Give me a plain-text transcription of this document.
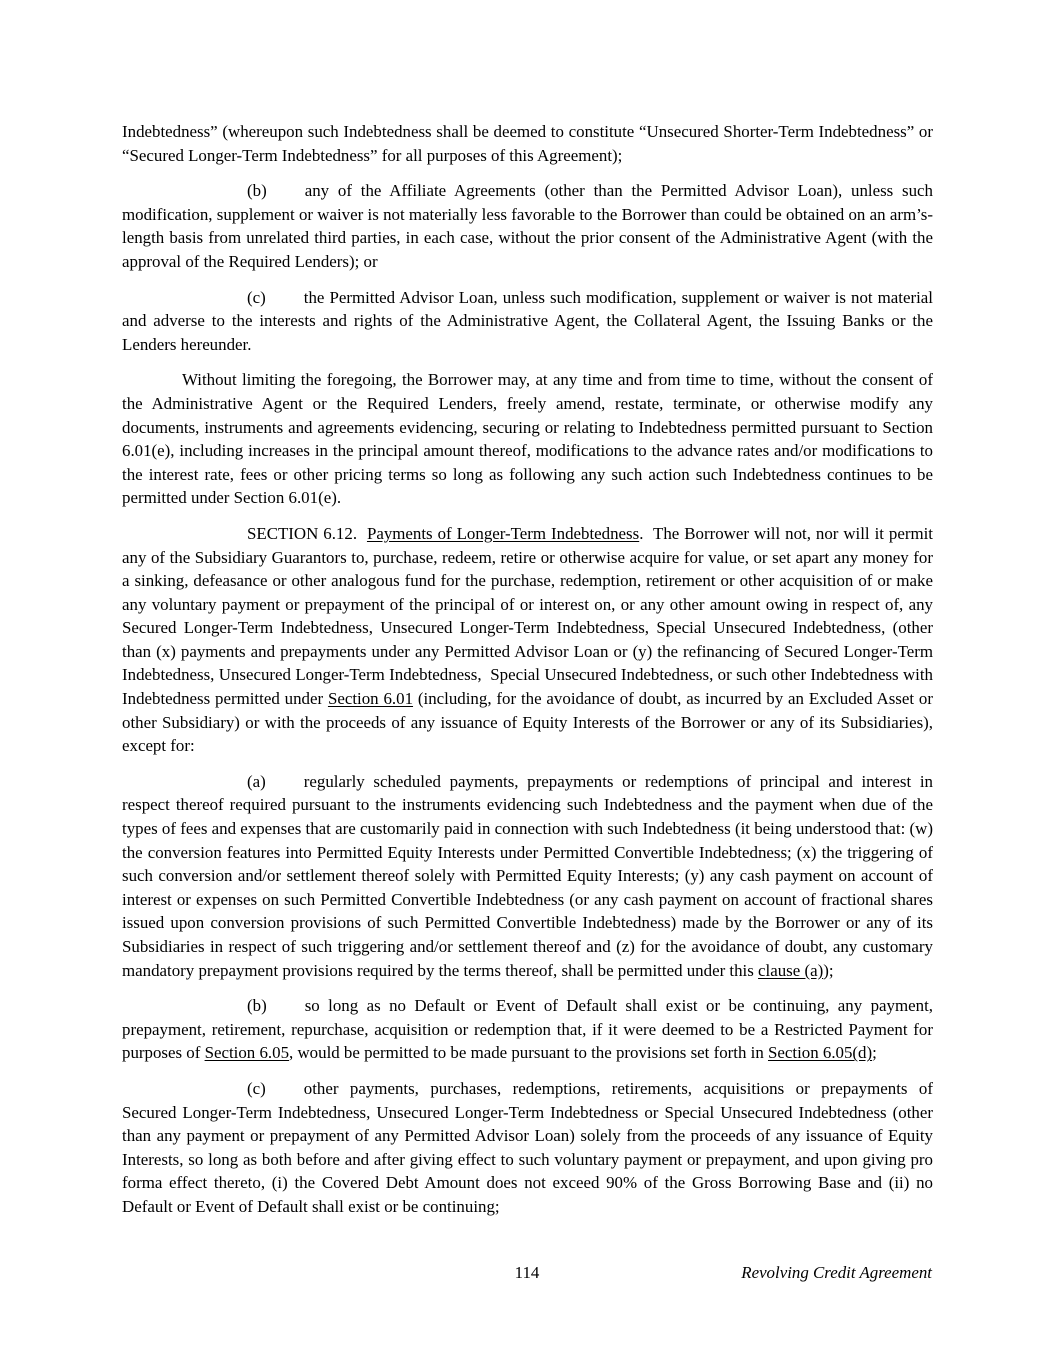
Indebtedness” (whereupon such Indebtedness shall be deemed to constitute “Unsecured Shorter-Term Indebtedness” or “Secured Longer-Term Indebtedness” for all purposes of this Agreement);

(b) any of the Affiliate Agreements (other than the Permitted Advisor Loan), unless such modification, supplement or waiver is not materially less favorable to the Borrower than could be obtained on an arm’s-length basis from unrelated third parties, in each case, without the prior consent of the Administrative Agent (with the approval of the Required Lenders); or

(c) the Permitted Advisor Loan, unless such modification, supplement or waiver is not material and adverse to the interests and rights of the Administrative Agent, the Collateral Agent, the Issuing Banks or the Lenders hereunder.

Without limiting the foregoing, the Borrower may, at any time and from time to time, without the consent of the Administrative Agent or the Required Lenders, freely amend, restate, terminate, or otherwise modify any documents, instruments and agreements evidencing, securing or relating to Indebtedness permitted pursuant to Section 6.01(e), including increases in the principal amount thereof, modifications to the advance rates and/or modifications to the interest rate, fees or other pricing terms so long as following any such action such Indebtedness continues to be permitted under Section 6.01(e).

SECTION 6.12.  Payments of Longer-Term Indebtedness.  The Borrower will not, nor will it permit any of the Subsidiary Guarantors to, purchase, redeem, retire or otherwise acquire for value, or set apart any money for a sinking, defeasance or other analogous fund for the purchase, redemption, retirement or other acquisition of or make any voluntary payment or prepayment of the principal of or interest on, or any other amount owing in respect of, any Secured Longer-Term Indebtedness, Unsecured Longer-Term Indebtedness, Special Unsecured Indebtedness, (other than (x) payments and prepayments under any Permitted Advisor Loan or (y) the refinancing of Secured Longer-Term Indebtedness, Unsecured Longer-Term Indebtedness,  Special Unsecured Indebtedness, or such other Indebtedness with Indebtedness permitted under Section 6.01 (including, for the avoidance of doubt, as incurred by an Excluded Asset or other Subsidiary) or with the proceeds of any issuance of Equity Interests of the Borrower or any of its Subsidiaries), except for:

(a) regularly scheduled payments, prepayments or redemptions of principal and interest in respect thereof required pursuant to the instruments evidencing such Indebtedness and the payment when due of the types of fees and expenses that are customarily paid in connection with such Indebtedness (it being understood that: (w) the conversion features into Permitted Equity Interests under Permitted Convertible Indebtedness; (x) the triggering of such conversion and/or settlement thereof solely with Permitted Equity Interests; (y) any cash payment on account of interest or expenses on such Permitted Convertible Indebtedness (or any cash payment on account of fractional shares issued upon conversion provisions of such Permitted Convertible Indebtedness) made by the Borrower or any of its Subsidiaries in respect of such triggering and/or settlement thereof and (z) for the avoidance of doubt, any customary mandatory prepayment provisions required by the terms thereof, shall be permitted under this clause (a));

(b) so long as no Default or Event of Default shall exist or be continuing, any payment, prepayment, retirement, repurchase, acquisition or redemption that, if it were deemed to be a Restricted Payment for purposes of Section 6.05, would be permitted to be made pursuant to the provisions set forth in Section 6.05(d);

(c) other payments, purchases, redemptions, retirements, acquisitions or prepayments of Secured Longer-Term Indebtedness, Unsecured Longer-Term Indebtedness or Special Unsecured Indebtedness (other than any payment or prepayment of any Permitted Advisor Loan) solely from the proceeds of any issuance of Equity Interests, so long as both before and after giving effect to such voluntary payment or prepayment, and upon giving pro forma effect thereto, (i) the Covered Debt Amount does not exceed 90% of the Gross Borrowing Base and (ii) no Default or Event of Default shall exist or be continuing;

114	Revolving Credit Agreement
